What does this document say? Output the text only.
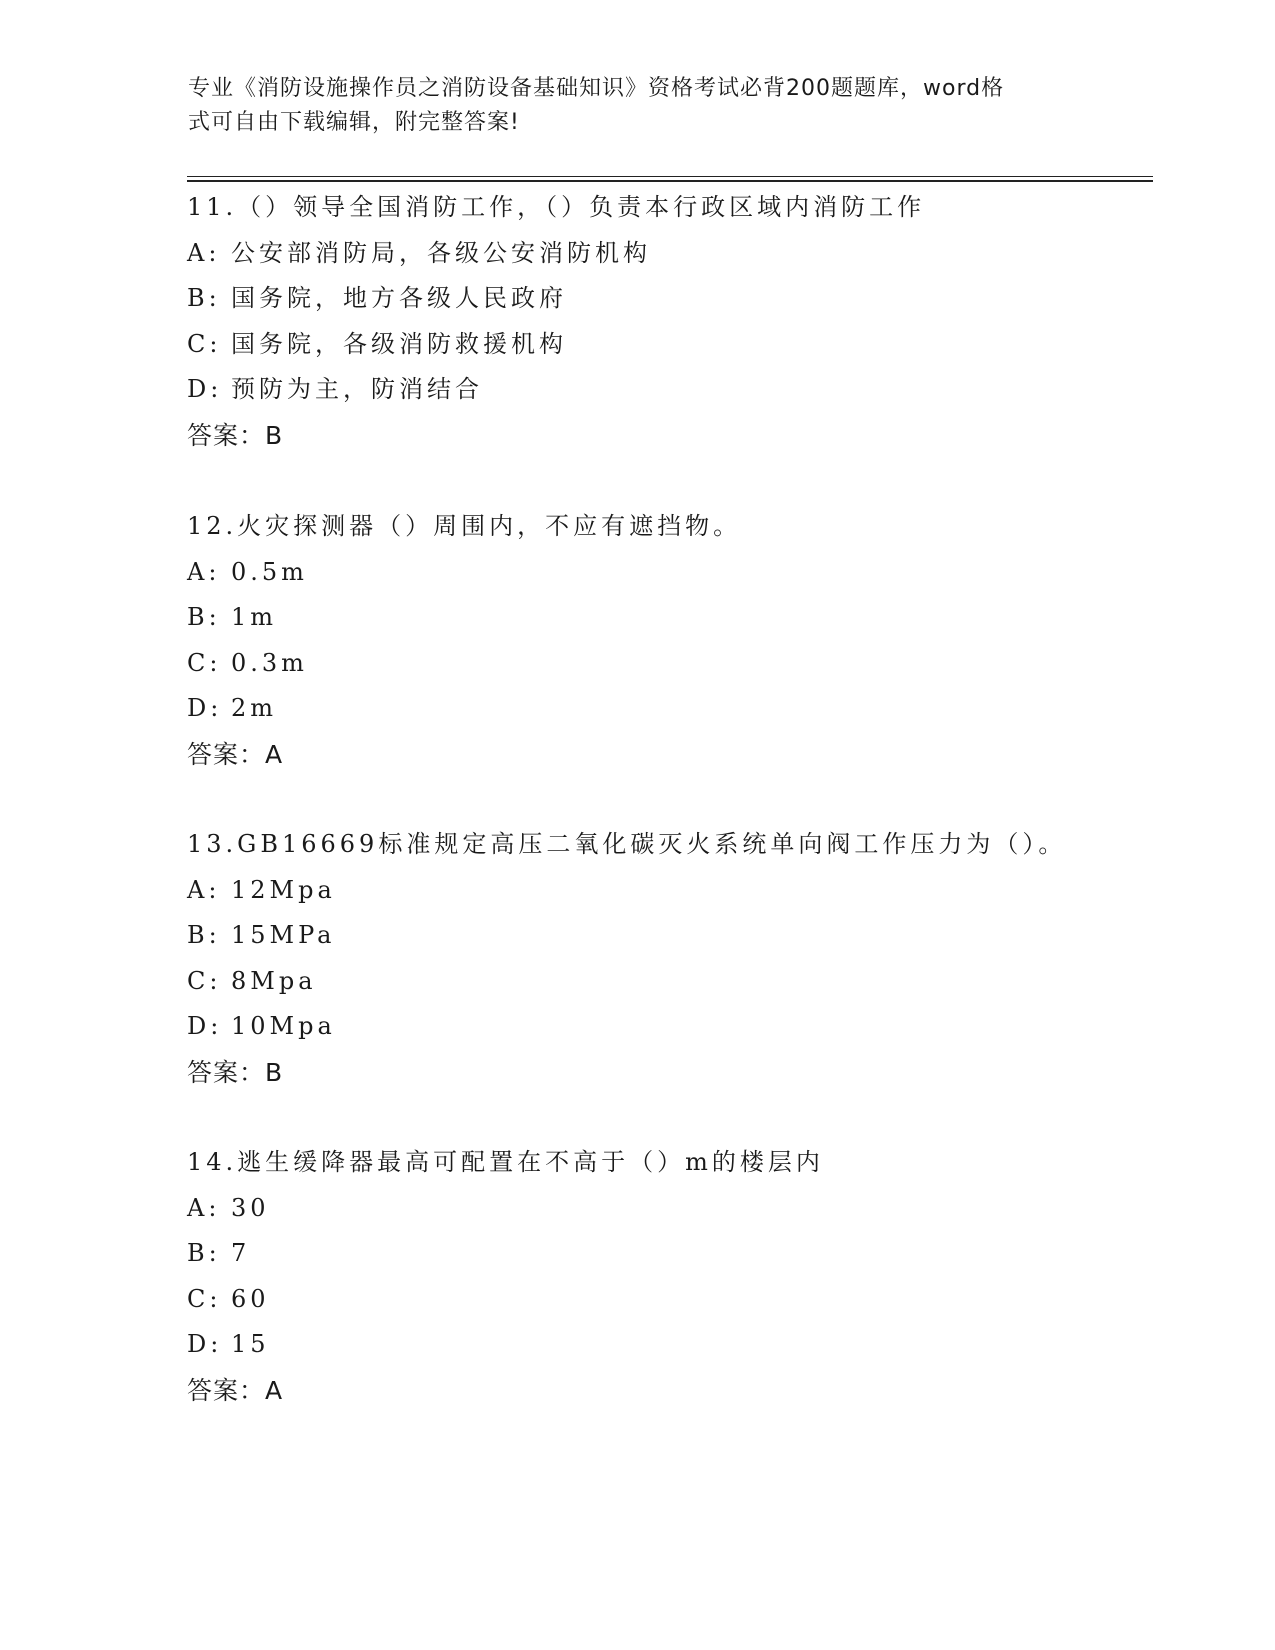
专业《消防设施操作员之消防设备基础知识》资格考试必背200题题库，word格
式可自由下载编辑，附完整答案!
11.（）领导全国消防工作，（）负责本行政区域内消防工作
A: 公安部消防局，各级公安消防机构
B: 国务院，地方各级人民政府
C: 国务院，各级消防救援机构
D: 预防为主，防消结合
答案：B
12.火灾探测器（）周围内，不应有遮挡物。
A: 0.5m
B: 1m
C: 0.3m
D: 2m
答案：A
13.GB16669标准规定高压二氧化碳灭火系统单向阀工作压力为（）。
A: 12Mpa
B: 15MPa
C: 8Mpa
D: 10Mpa
答案：B
14.逃生缓降器最高可配置在不高于（）m的楼层内
A: 30
B: 7
C: 60
D: 15
答案：A
